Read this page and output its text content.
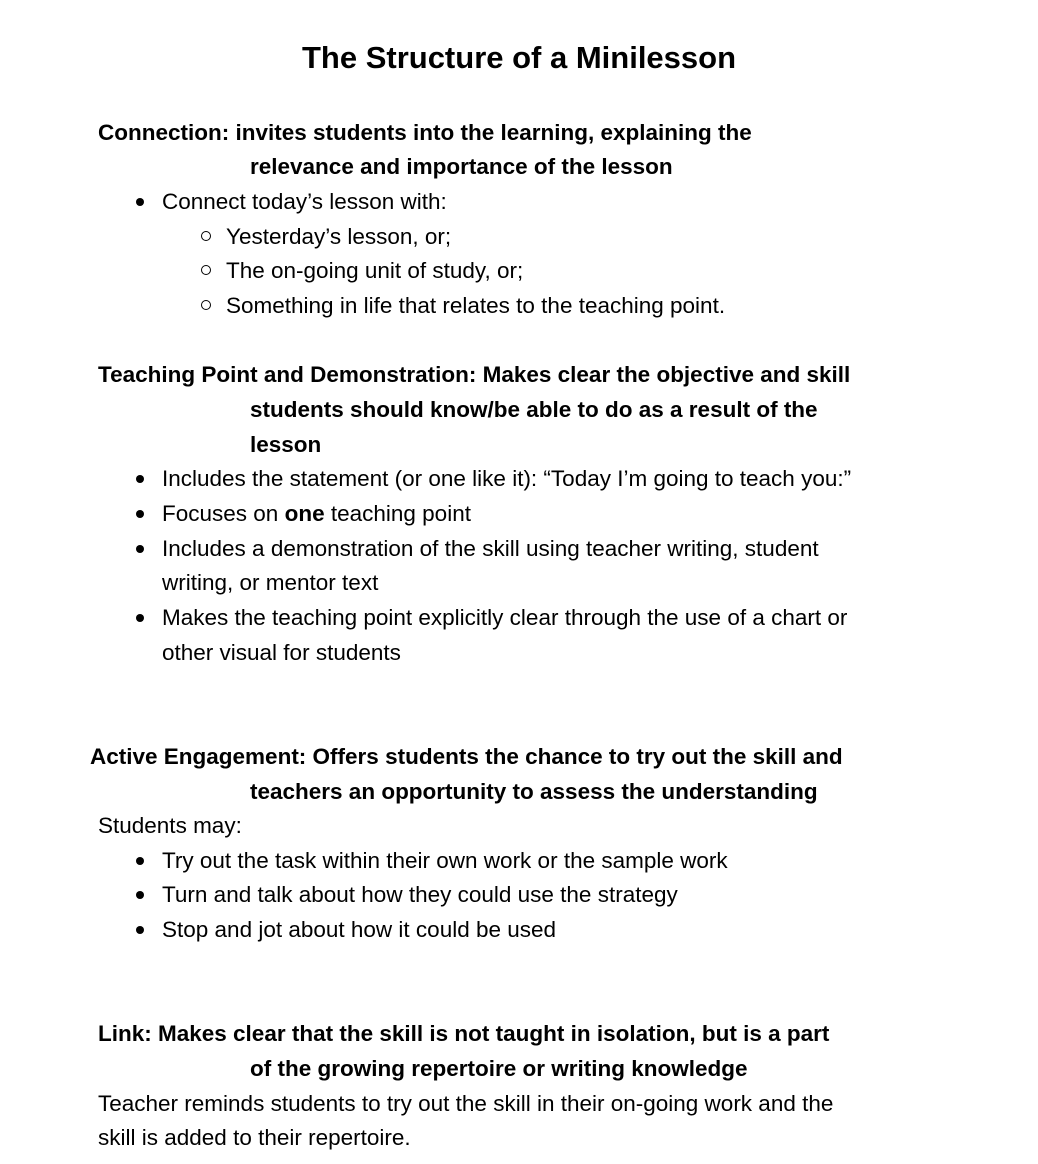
The Structure of a Minilesson
Connection: invites students into the learning, explaining the
relevance and importance of the lesson
Connect today’s lesson with:
Yesterday’s lesson, or;
The on-going unit of study, or;
Something in life that relates to the teaching point.
Teaching Point and Demonstration: Makes clear the objective and skill
students should know/be able to do as a result of the
lesson
Includes the statement (or one like it): “Today I’m going to teach you:”
Focuses on one teaching point
Includes a demonstration of the skill using teacher writing, student
writing, or mentor text
Makes the teaching point explicitly clear through the use of a chart or
other visual for students
Active Engagement: Offers students the chance to try out the skill and
teachers an opportunity to assess the understanding
Students may:
Try out the task within their own work or the sample work
Turn and talk about how they could use the strategy
Stop and jot about how it could be used
Link: Makes clear that the skill is not taught in isolation, but is a part
of the growing repertoire or writing knowledge
Teacher reminds students to try out the skill in their on-going work and the
skill is added to their repertoire.
